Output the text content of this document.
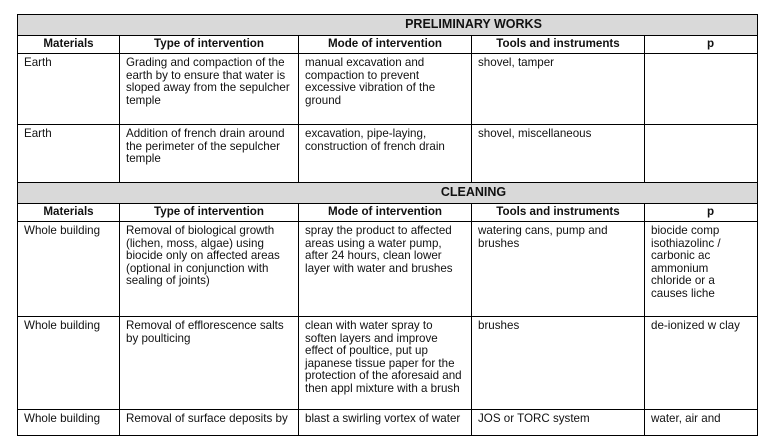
PRELIMINARY WORKS				
Materials	Type of intervention	Mode of intervention	Tools and instruments	p
Earth	Grading and compaction of the earth by to ensure that water is sloped away from the sepulcher temple	manual excavation and compaction to prevent excessive vibration of the ground	shovel, tamper	
Earth	Addition of french drain around the perimeter of the sepulcher temple	excavation, pipe-laying, construction of french drain	shovel, miscellaneous	
CLEANING				
Materials	Type of intervention	Mode of intervention	Tools and instruments	p
Whole building	Removal of biological growth (lichen, moss, algae) using biocide only on affected areas (optional in conjunction with sealing of joints)	spray the product to affected areas using a water pump, after 24 hours, clean lower layer with water and brushes	watering cans, pump and brushes	biocide comp isothiazolinc / carbonic ac ammonium chloride or a causes liche
Whole building	Removal of efflorescence salts by poulticing	clean with water spray to soften layers and improve effect of poultice, put up japanese tissue paper for the protection of the aforesaid and then appl mixture with a brush	brushes	de-ionized w clay
Whole building	Removal of surface deposits by	blast a swirling vortex of water	JOS or TORC system	water, air and
